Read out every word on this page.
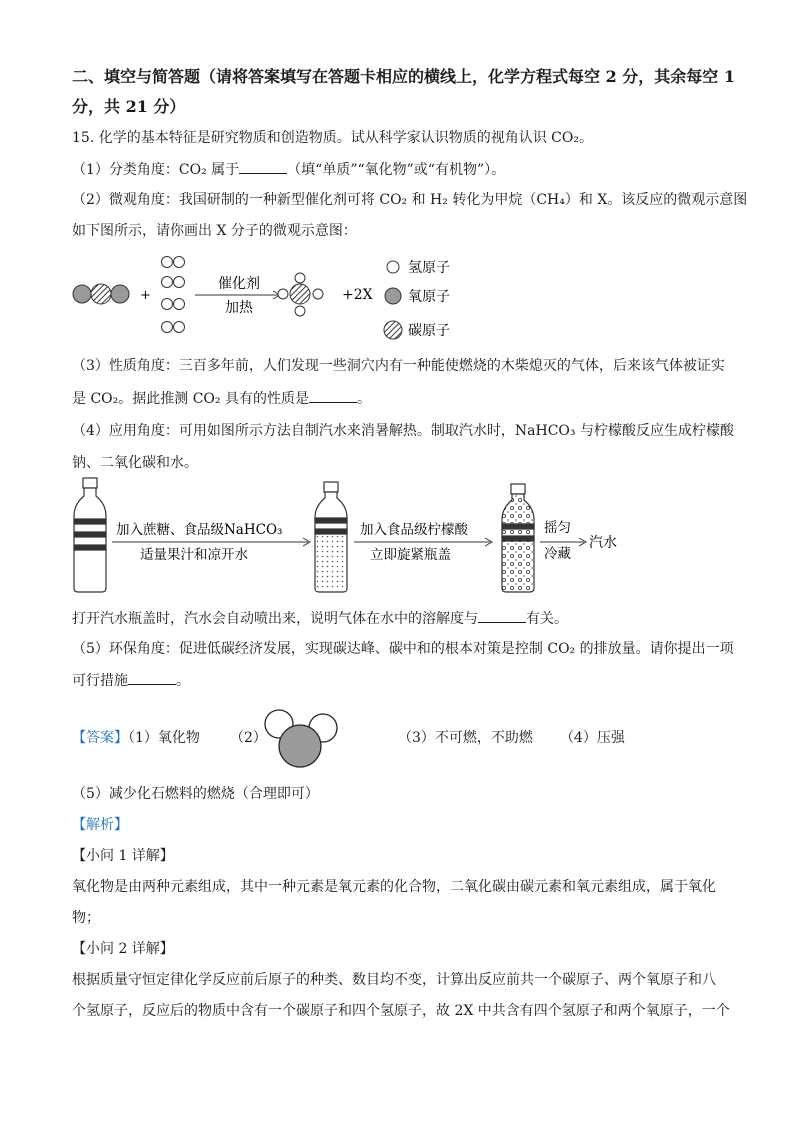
二、填空与简答题（请将答案填写在答题卡相应的横线上，化学方程式每空 2 分，其余每空 1
分，共 21 分）
15. 化学的基本特征是研究物质和创造物质。试从科学家认识物质的视角认识 CO₂。
（1）分类角度：CO₂ 属于	（填“单质”“氧化物”或“有机物”）。
（2）微观角度：我国研制的一种新型催化剂可将 CO₂ 和 H₂ 转化为甲烷（CH₄）和 X。该反应的微观示意图
如下图所示，请你画出 X 分子的微观示意图：
+
催化剂
加热
+2X
氢原子
氧原子
碳原子
（3）性质角度：三百多年前，人们发现一些洞穴内有一种能使燃烧的木柴熄灭的气体，后来该气体被证实
是 CO₂。据此推测 CO₂ 具有的性质是	。
（4）应用角度：可用如图所示方法自制汽水来消暑解热。制取汽水时，NaHCO₃ 与柠檬酸反应生成柠檬酸
钠、二氧化碳和水。
加入蔗糖、食品级NaHCO₃
适量果汁和凉开水
加入食品级柠檬酸
立即旋紧瓶盖
摇匀
冷藏
汽水
打开汽水瓶盖时，汽水会自动喷出来，说明气体在水中的溶解度与	有关。
（5）环保角度：促进低碳经济发展，实现碳达峰、碳中和的根本对策是控制 CO₂ 的排放量。请你提出一项
可行措施	。
【答案】（1）氧化物 （2）	（3）不可燃，不助燃 （4）压强
（5）减少化石燃料的燃烧（合理即可）
【解析】
【小问 1 详解】
氧化物是由两种元素组成，其中一种元素是氧元素的化合物，二氧化碳由碳元素和氧元素组成，属于氧化
物；
【小问 2 详解】
根据质量守恒定律化学反应前后原子的种类、数目均不变，计算出反应前共一个碳原子、两个氧原子和八
个氢原子，反应后的物质中含有一个碳原子和四个氢原子，故 2X 中共含有四个氢原子和两个氧原子，一个
